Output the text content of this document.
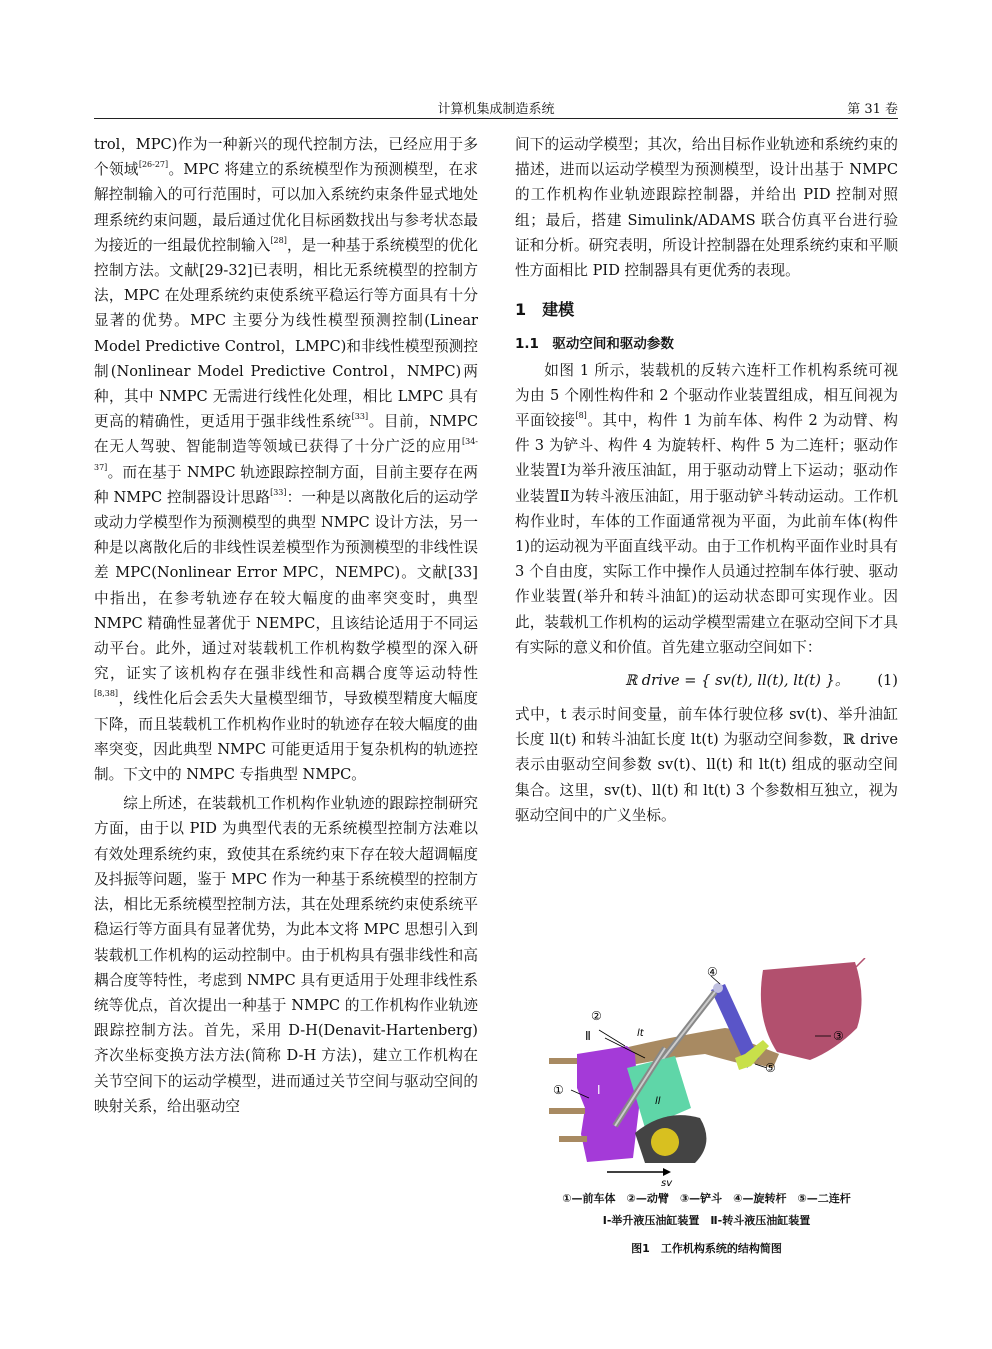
计算机集成制造系统	第 31 卷

trol，MPC)作为一种新兴的现代控制方法，已经应用于多个领域[26-27]。MPC 将建立的系统模型作为预测模型，在求解控制输入的可行范围时，可以加入系统约束条件显式地处理系统约束问题，最后通过优化目标函数找出与参考状态最为接近的一组最优控制输入[28]，是一种基于系统模型的优化控制方法。文献[29-32]已表明，相比无系统模型的控制方法，MPC 在处理系统约束使系统平稳运行等方面具有十分显著的优势。MPC 主要分为线性模型预测控制(Linear Model Predictive Control，LMPC)和非线性模型预测控制(Nonlinear Model Predictive Control，NMPC)两种，其中 NMPC 无需进行线性化处理，相比 LMPC 具有更高的精确性，更适用于强非线性系统[33]。目前，NMPC 在无人驾驶、智能制造等领域已获得了十分广泛的应用[34-37]。而在基于 NMPC 轨迹跟踪控制方面，目前主要存在两种 NMPC 控制器设计思路[33]：一种是以离散化后的运动学或动力学模型作为预测模型的典型 NMPC 设计方法，另一种是以离散化后的非线性误差模型作为预测模型的非线性误差 MPC(Nonlinear Error MPC，NEMPC)。文献[33]中指出，在参考轨迹存在较大幅度的曲率突变时，典型 NMPC 精确性显著优于 NEMPC，且该结论适用于不同运动平台。此外，通过对装载机工作机构数学模型的深入研究，证实了该机构存在强非线性和高耦合度等运动特性[8,38]，线性化后会丢失大量模型细节，导致模型精度大幅度下降，而且装载机工作机构作业时的轨迹存在较大幅度的曲率突变，因此典型 NMPC 可能更适用于复杂机构的轨迹控制。下文中的 NMPC 专指典型 NMPC。

综上所述，在装载机工作机构作业轨迹的跟踪控制研究方面，由于以 PID 为典型代表的无系统模型控制方法难以有效处理系统约束，致使其在系统约束下存在较大超调幅度及抖振等问题，鉴于 MPC 作为一种基于系统模型的控制方法，相比无系统模型控制方法，其在处理系统约束使系统平稳运行等方面具有显著优势，为此本文将 MPC 思想引入到装载机工作机构的运动控制中。由于机构具有强非线性和高耦合度等特性，考虑到 NMPC 具有更适用于处理非线性系统等优点，首次提出一种基于 NMPC 的工作机构作业轨迹跟踪控制方法。首先，采用 D-H(Denavit-Hartenberg)齐次坐标变换方法方法(简称 D-H 方法)，建立工作机构在关节空间下的运动学模型，进而通过关节空间与驱动空间的映射关系，给出驱动空

间下的运动学模型；其次，给出目标作业轨迹和系统约束的描述，进而以运动学模型为预测模型，设计出基于 NMPC 的工作机构作业轨迹跟踪控制器，并给出 PID 控制对照组；最后，搭建 Simulink/ADAMS 联合仿真平台进行验证和分析。研究表明，所设计控制器在处理系统约束和平顺性方面相比 PID 控制器具有更优秀的表现。

1　建模
1.1　驱动空间和驱动参数

如图 1 所示，装载机的反转六连杆工作机构系统可视为由 5 个刚性构件和 2 个驱动作业装置组成，相互间视为平面铰接[8]。其中，构件 1 为前车体、构件 2 为动臂、构件 3 为铲斗、构件 4 为旋转杆、构件 5 为二连杆；驱动作业装置Ⅰ为举升液压油缸，用于驱动动臂上下运动；驱动作业装置Ⅱ为转斗液压油缸，用于驱动铲斗转动运动。工作机构作业时，车体的工作面通常视为平面，为此前车体(构件 1)的运动视为平面直线平动。由于工作机构平面作业时具有 3 个自由度，实际工作中操作人员通过控制车体行驶、驱动作业装置(举升和转斗油缸)的运动状态即可实现作业。因此，装载机工作机构的运动学模型需建立在驱动空间下才具有实际的意义和价值。首先建立驱动空间如下：

ℝ drive = { sv(t), ll(t), lt(t) }。 (1)

式中，t 表示时间变量，前车体行驶位移 sv(t)、举升油缸长度 ll(t) 和转斗油缸长度 lt(t) 为驱动空间参数，ℝ drive 表示由驱动空间参数 sv(t)、ll(t) 和 lt(t) 组成的驱动空间集合。这里，sv(t)、ll(t) 和 lt(t) 3 个参数相互独立，视为驱动空间中的广义坐标。

①
②
Ⅱ
④
③
⑤
Ⅰ
lt
ll
sv
①—前车体　②—动臂　③—铲斗　④—旋转杆　⑤—二连杆
Ⅰ-举升液压油缸装置　Ⅱ-转斗液压油缸装置
图1　工作机构系统的结构简图
